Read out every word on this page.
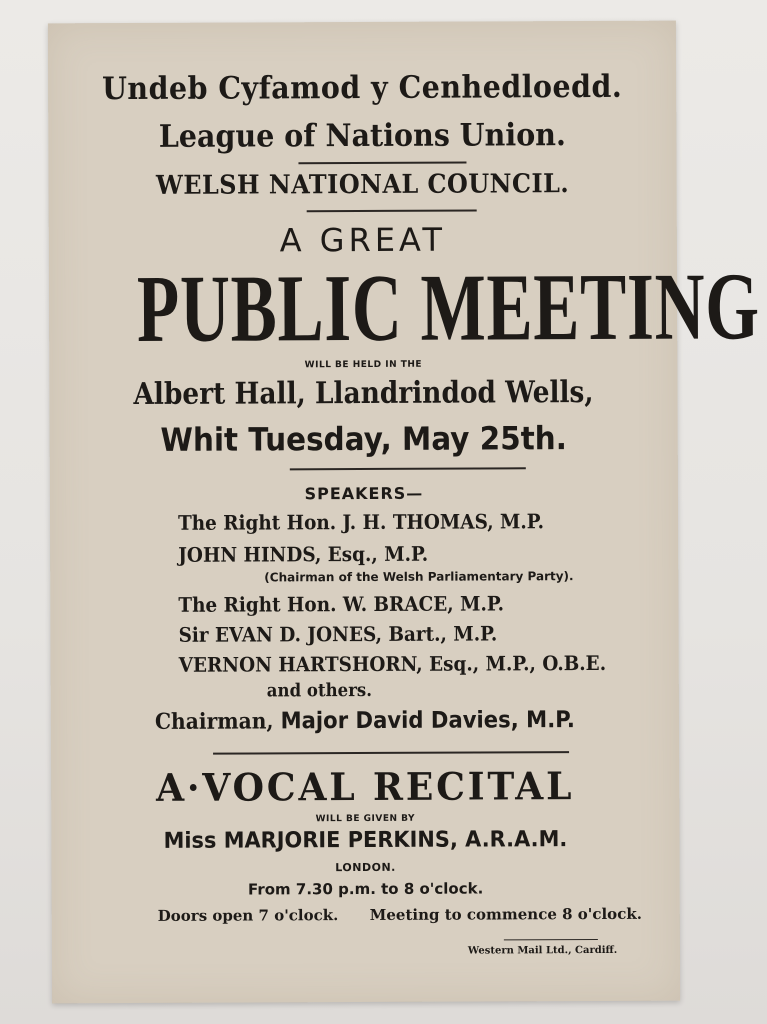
Undeb Cyfamod y Cenhedloedd.
League of Nations Union.
WELSH NATIONAL COUNCIL.
A GREAT
PUBLIC MEETING
WILL BE HELD IN THE
Albert Hall, Llandrindod Wells,
Whit Tuesday, May 25th.
SPEAKERS—
The Right Hon. J. H. THOMAS, M.P.
JOHN HINDS, Esq., M.P.
(Chairman of the Welsh Parliamentary Party).
The Right Hon. W. BRACE, M.P.
Sir EVAN D. JONES, Bart., M.P.
VERNON HARTSHORN, Esq., M.P., O.B.E.
and others.
Chairman, Major David Davies, M.P.
A·VOCAL RECITAL
WILL BE GIVEN BY
Miss MARJORIE PERKINS, A.R.A.M.
LONDON.
From 7.30 p.m. to 8 o'clock.
Doors open 7 o'clock. Meeting to commence 8 o'clock.
Western Mail Ltd., Cardiff.
